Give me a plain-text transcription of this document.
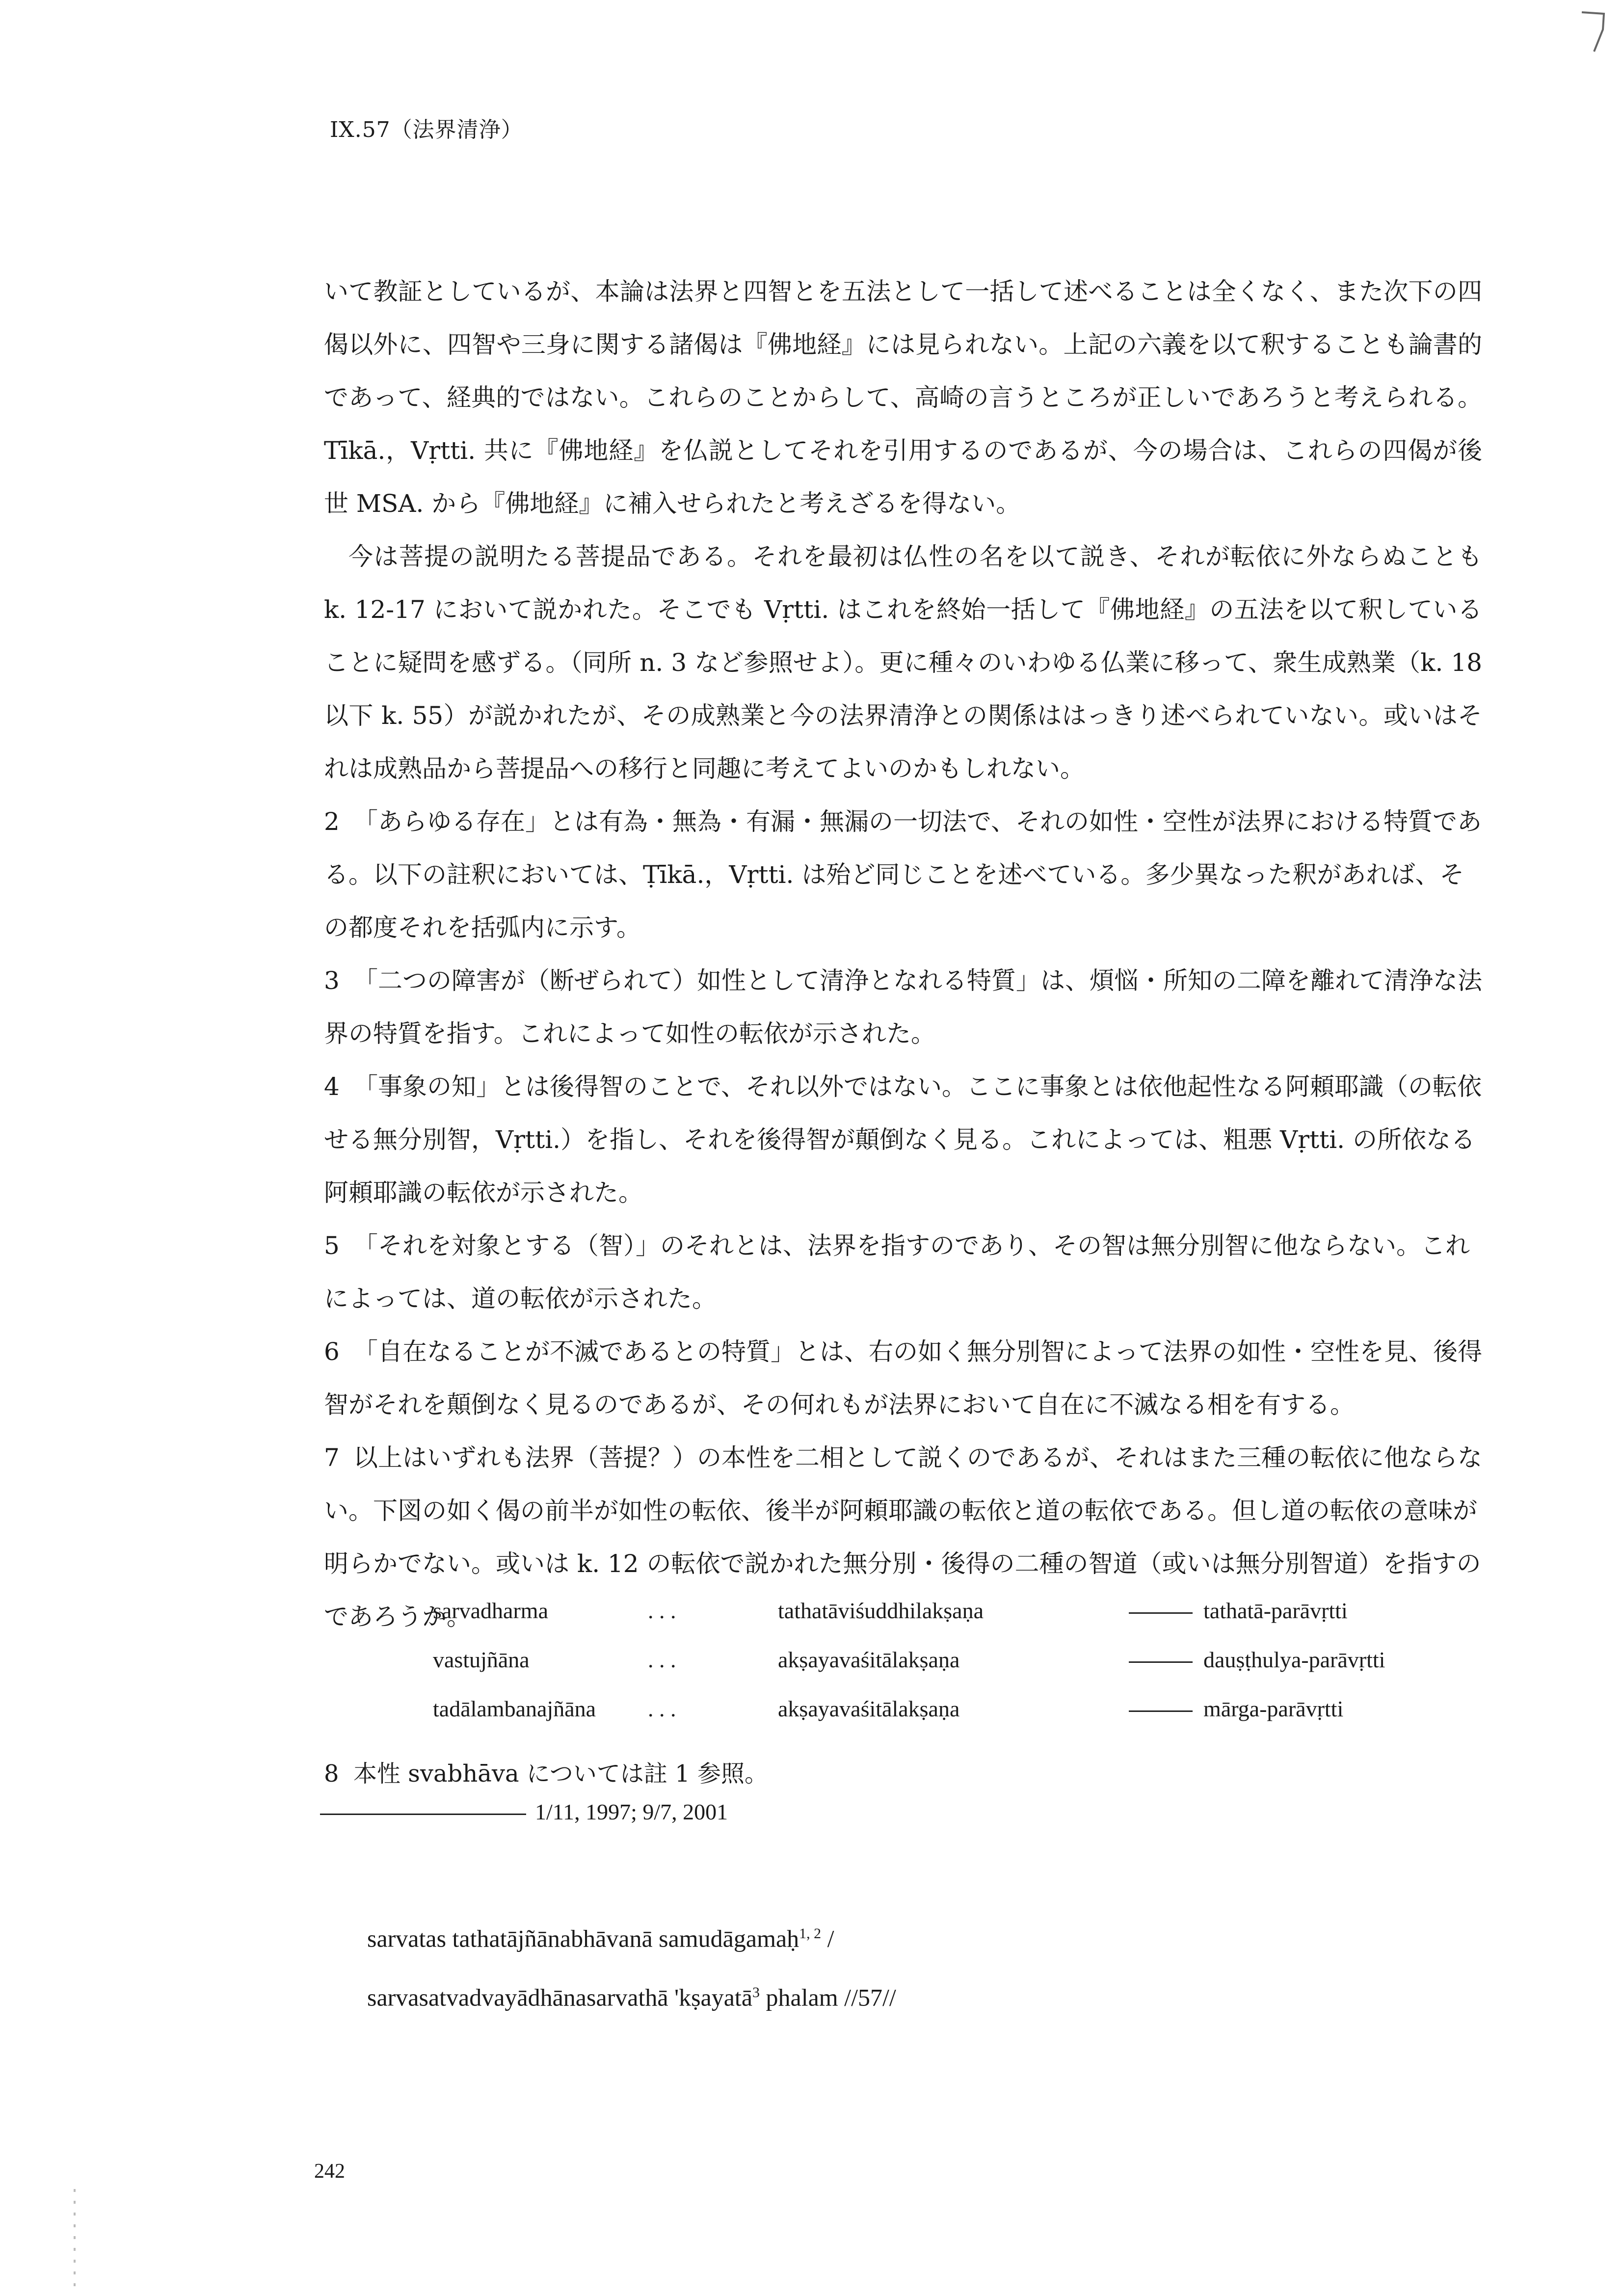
IX.57（法界清浄）

いて教証としているが、本論は法界と四智とを五法として一括して述べることは全くなく、また次下の四偈以外に、四智や三身に関する諸偈は『佛地経』には見られない。上記の六義を以て釈することも論書的であって、経典的ではない。これらのことからして、高崎の言うところが正しいであろうと考えられる。Tīkā.，Vṛtti. 共に『佛地経』を仏説としてそれを引用するのであるが、今の場合は、これらの四偈が後世 MSA. から『佛地経』に補入せられたと考えざるを得ない。

今は菩提の説明たる菩提品である。それを最初は仏性の名を以て説き、それが転依に外ならぬことも k. 12-17 において説かれた。そこでも Vṛtti. はこれを終始一括して『佛地経』の五法を以て釈していることに疑問を感ずる。（同所 n. 3 など参照せよ）。更に種々のいわゆる仏業に移って、衆生成熟業（k. 18 以下 k. 55）が説かれたが、その成熟業と今の法界清浄との関係ははっきり述べられていない。或いはそれは成熟品から菩提品への移行と同趣に考えてよいのかもしれない。

2 「あらゆる存在」とは有為・無為・有漏・無漏の一切法で、それの如性・空性が法界における特質である。以下の註釈においては、Ṭīkā.，Vṛtti. は殆ど同じことを述べている。多少異なった釈があれば、その都度それを括弧内に示す。

3 「二つの障害が（断ぜられて）如性として清浄となれる特質」は、煩悩・所知の二障を離れて清浄な法界の特質を指す。これによって如性の転依が示された。

4 「事象の知」とは後得智のことで、それ以外ではない。ここに事象とは依他起性なる阿頼耶識（の転依せる無分別智，Vṛtti.）を指し、それを後得智が顛倒なく見る。これによっては、粗悪 Vṛtti. の所依なる阿頼耶識の転依が示された。

5 「それを対象とする（智）」のそれとは、法界を指すのであり、その智は無分別智に他ならない。これによっては、道の転依が示された。

6 「自在なることが不滅であるとの特質」とは、右の如く無分別智によって法界の如性・空性を見、後得智がそれを顛倒なく見るのであるが、その何れもが法界において自在に不滅なる相を有する。

7 以上はいずれも法界（菩提？）の本性を二相として説くのであるが、それはまた三種の転依に他ならない。下図の如く偈の前半が如性の転依、後半が阿頼耶識の転依と道の転依である。但し道の転依の意味が明らかでない。或いは k. 12 の転依で説かれた無分別・後得の二種の智道（或いは無分別智道）を指すのであろうか。

sarvadharma	. . .	tathatāviśuddhilakṣaṇa	tathatā-parāvṛtti
vastujñāna	. . .	akṣayavaśitālakṣaṇa	dauṣṭhulya-parāvṛtti
tadālambanajñāna . . .	akṣayavaśitālakṣaṇa	mārga-parāvṛtti
8 本性 svabhāva については註 1 参照。
1/11, 1997; 9/7, 2001
sarvatas tathatājñānabhāvanā samudāgamaḥ$^{1, 2}$ /
sarvasatvadvayādhānasarvathā 'kṣayatā$^3$ phalam //57//
242
